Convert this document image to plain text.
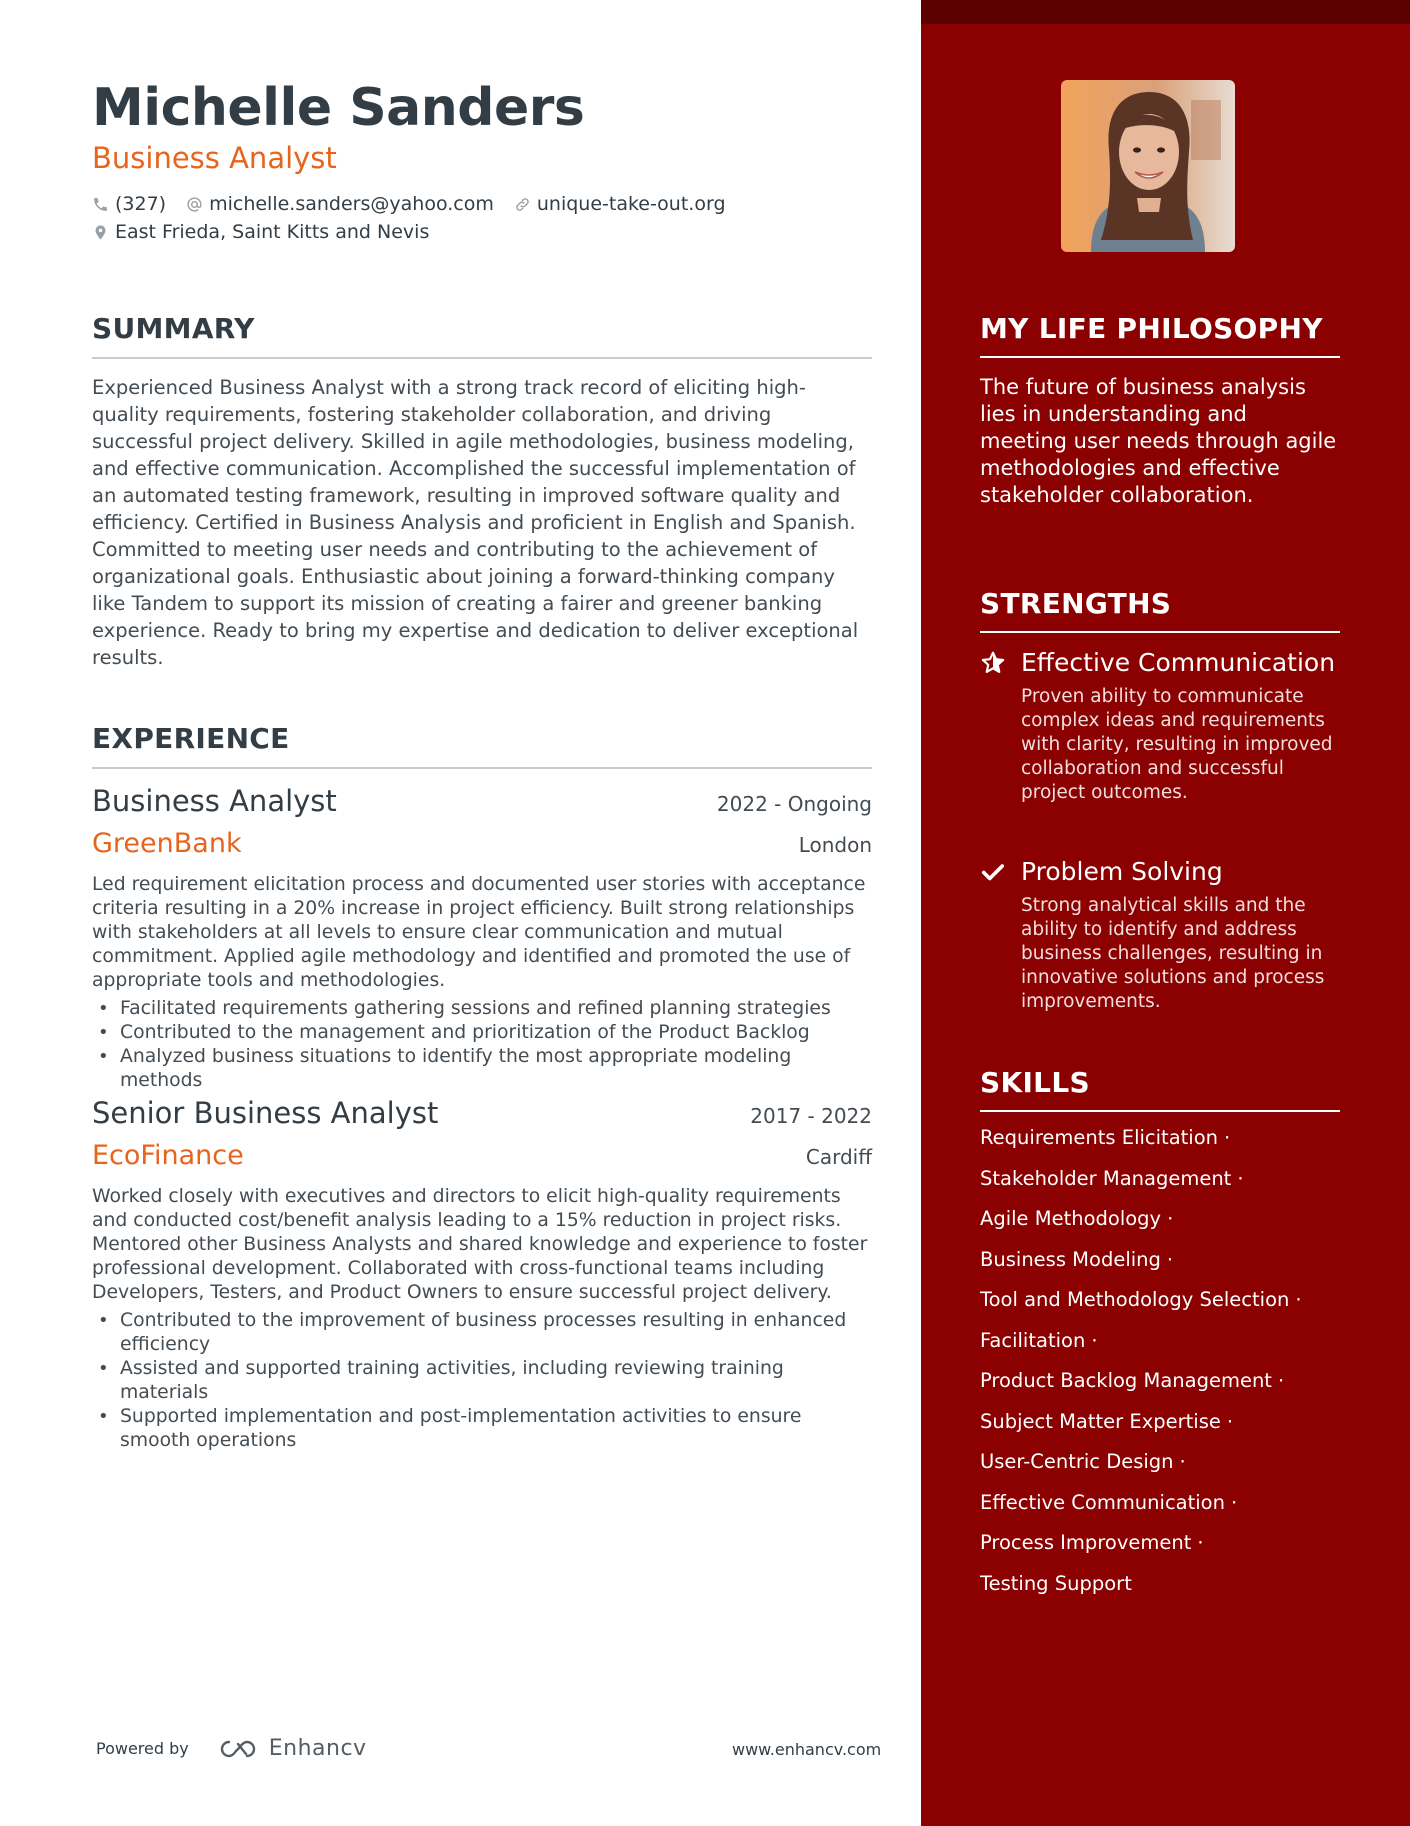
Michelle Sanders
Business Analyst
(327) michelle.sanders@yahoo.com unique-take-out.org
East Frieda, Saint Kitts and Nevis
SUMMARY

Experienced Business Analyst with a strong track record of eliciting high-quality requirements, fostering stakeholder collaboration, and driving successful project delivery. Skilled in agile methodologies, business modeling, and effective communication. Accomplished the successful implementation of an automated testing framework, resulting in improved software quality and efficiency. Certified in Business Analysis and proficient in English and Spanish. Committed to meeting user needs and contributing to the achievement of organizational goals. Enthusiastic about joining a forward-thinking company like Tandem to support its mission of creating a fairer and greener banking experience. Ready to bring my expertise and dedication to deliver exceptional results.

EXPERIENCE
Business Analyst	2022 - Ongoing
GreenBank	London

Led requirement elicitation process and documented user stories with acceptance criteria resulting in a 20% increase in project efficiency. Built strong relationships with stakeholders at all levels to ensure clear communication and mutual commitment. Applied agile methodology and identified and promoted the use of appropriate tools and methodologies.

• Facilitated requirements gathering sessions and refined planning strategies
• Contributed to the management and prioritization of the Product Backlog
• Analyzed business situations to identify the most appropriate modeling methods
Senior Business Analyst	2017 - 2022
EcoFinance	Cardiff

Worked closely with executives and directors to elicit high-quality requirements and conducted cost/benefit analysis leading to a 15% reduction in project risks. Mentored other Business Analysts and shared knowledge and experience to foster professional development. Collaborated with cross-functional teams including Developers, Testers, and Product Owners to ensure successful project delivery.

• Contributed to the improvement of business processes resulting in enhanced efficiency
• Assisted and supported training activities, including reviewing training materials
• Supported implementation and post-implementation activities to ensure smooth operations
Powered by	Enhancv	www.enhancv.com
MY LIFE PHILOSOPHY

The future of business analysis lies in understanding and meeting user needs through agile methodologies and effective stakeholder collaboration.

STRENGTHS
Effective Communication

Proven ability to communicate complex ideas and requirements with clarity, resulting in improved collaboration and successful project outcomes.

Problem Solving

Strong analytical skills and the ability to identify and address business challenges, resulting in innovative solutions and process improvements.

SKILLS
Requirements Elicitation ·
Stakeholder Management ·
Agile Methodology ·
Business Modeling ·
Tool and Methodology Selection ·
Facilitation ·
Product Backlog Management ·
Subject Matter Expertise ·
User-Centric Design ·
Effective Communication ·
Process Improvement ·
Testing Support
